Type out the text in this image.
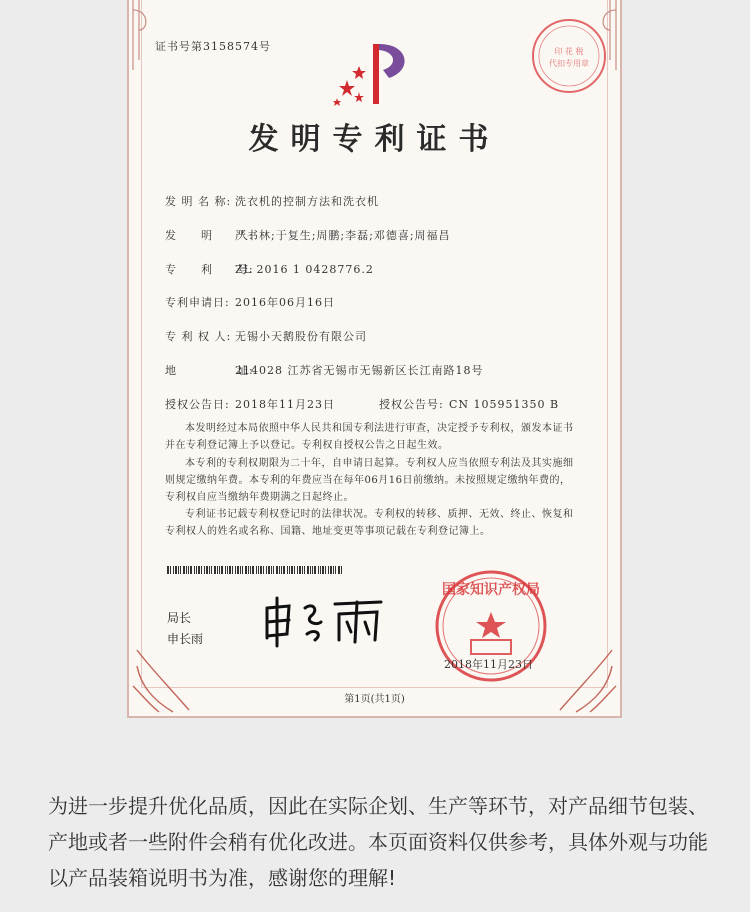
证书号第3158574号	印 花 税
代扣专用章
发明专利证书
发 明 名 称: 洗衣机的控制方法和洗衣机
发　　明　　人:严书林;于复生;周鹏;李磊;邓德喜;周福昌
专　　利　　号:ZL 2016 1 0428776.2
专利申请日: 2016年06月16日
专 利 权 人: 无锡小天鹅股份有限公司
地　　　　　址:214028 江苏省无锡市无锡新区长江南路18号
授权公告日: 2018年11月23日	授权公告号: CN 105951350 B
本发明经过本局依照中华人民共和国专利法进行审查，决定授予专利权，颁发本证书并在专利登记簿上予以登记。专利权自授权公告之日起生效。
本专利的专利权期限为二十年，自申请日起算。专利权人应当依照专利法及其实施细则规定缴纳年费。本专利的年费应当在每年06月16日前缴纳。未按照规定缴纳年费的，专利权自应当缴纳年费期满之日起终止。
专利证书记载专利权登记时的法律状况。专利权的转移、质押、无效、终止、恢复和专利权人的姓名或名称、国籍、地址变更等事项记载在专利登记簿上。
局长
申长雨
国家知识产权局
2018年11月23日
第1页(共1页)
为进一步提升优化品质，因此在实际企划、生产等环节，对产品细节包装、产地或者一些附件会稍有优化改进。本页面资料仅供参考，具体外观与功能以产品装箱说明书为准，感谢您的理解!
